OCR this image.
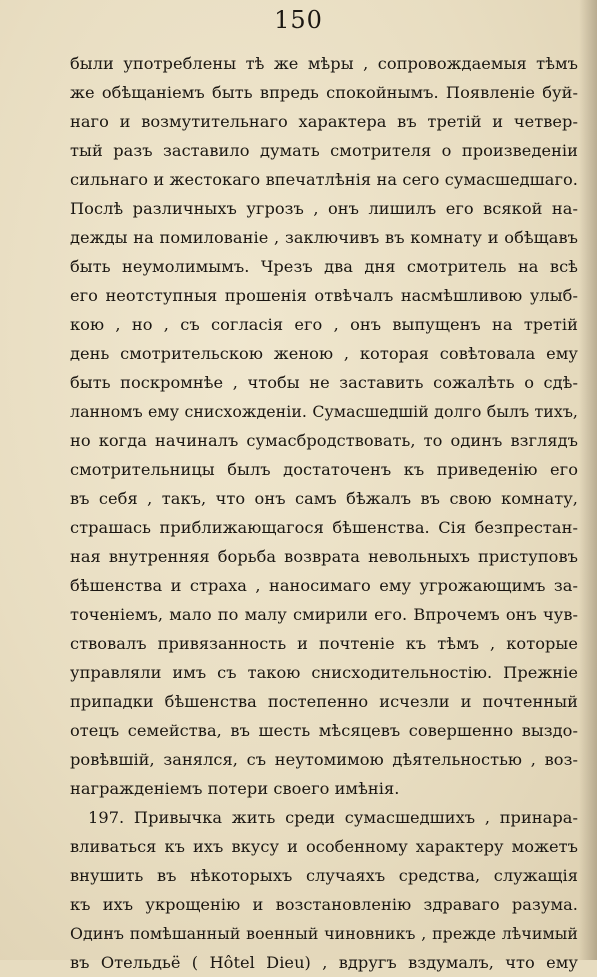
150
были употреблены тѣ же мѣры , сопровождаемыя тѣмъ
же обѣщаніемъ быть впредь спокойнымъ. Появленіе буй-
наго и возмутительнаго характера въ третій и четвер-
тый разъ заставило думать смотрителя о произведеніи
сильнаго и жестокаго впечатлѣнія на сего сумасшедшаго.
Послѣ различныхъ угрозъ , онъ лишилъ его всякой на-
дежды на помилованіе , заключивъ въ комнату и обѣщавъ
быть неумолимымъ. Чрезъ два дня смотритель на всѣ
его неотступныя прошенія отвѣчалъ насмѣшливою улыб-
кою , но , съ согласія его , онъ выпущенъ на третій
день смотрительскою женою , которая совѣтовала ему
быть поскромнѣе , чтобы не заставить сожалѣть о сдѣ-
ланномъ ему снисхожденіи. Сумасшедшій долго былъ тихъ,
но когда начиналъ сумасбродствовать, то одинъ взглядъ
смотрительницы былъ достаточенъ къ приведенію его
въ себя , такъ, что онъ самъ бѣжалъ въ свою комнату,
страшась приближающагося бѣшенства. Сія безпрестан-
ная внутренняя борьба возврата невольныхъ приступовъ
бѣшенства и страха , наносимаго ему угрожающимъ за-
точеніемъ, мало по малу смирили его. Впрочемъ онъ чув-
ствовалъ привязанность и почтеніе къ тѣмъ , которые
управляли имъ съ такою снисходительностію. Прежніе
припадки бѣшенства постепенно исчезли и почтенный
отецъ семейства, въ шесть мѣсяцевъ совершенно выздо-
ровѣвшій, занялся, съ неутомимою дѣятельностью , воз-
награжденіемъ потери своего имѣнія.
197. Привычка жить среди сумасшедшихъ , принара-
вливаться къ ихъ вкусу и особенному характеру можетъ
внушить въ нѣкоторыхъ случаяхъ средства, служащія
къ ихъ укрощенію и возстановленію здраваго разума.
Одинъ помѣшанный военный чиновникъ , прежде лѣчимый
въ Отельдьё ( Hôtel Dieu) , вдругъ вздумалъ, что ему
